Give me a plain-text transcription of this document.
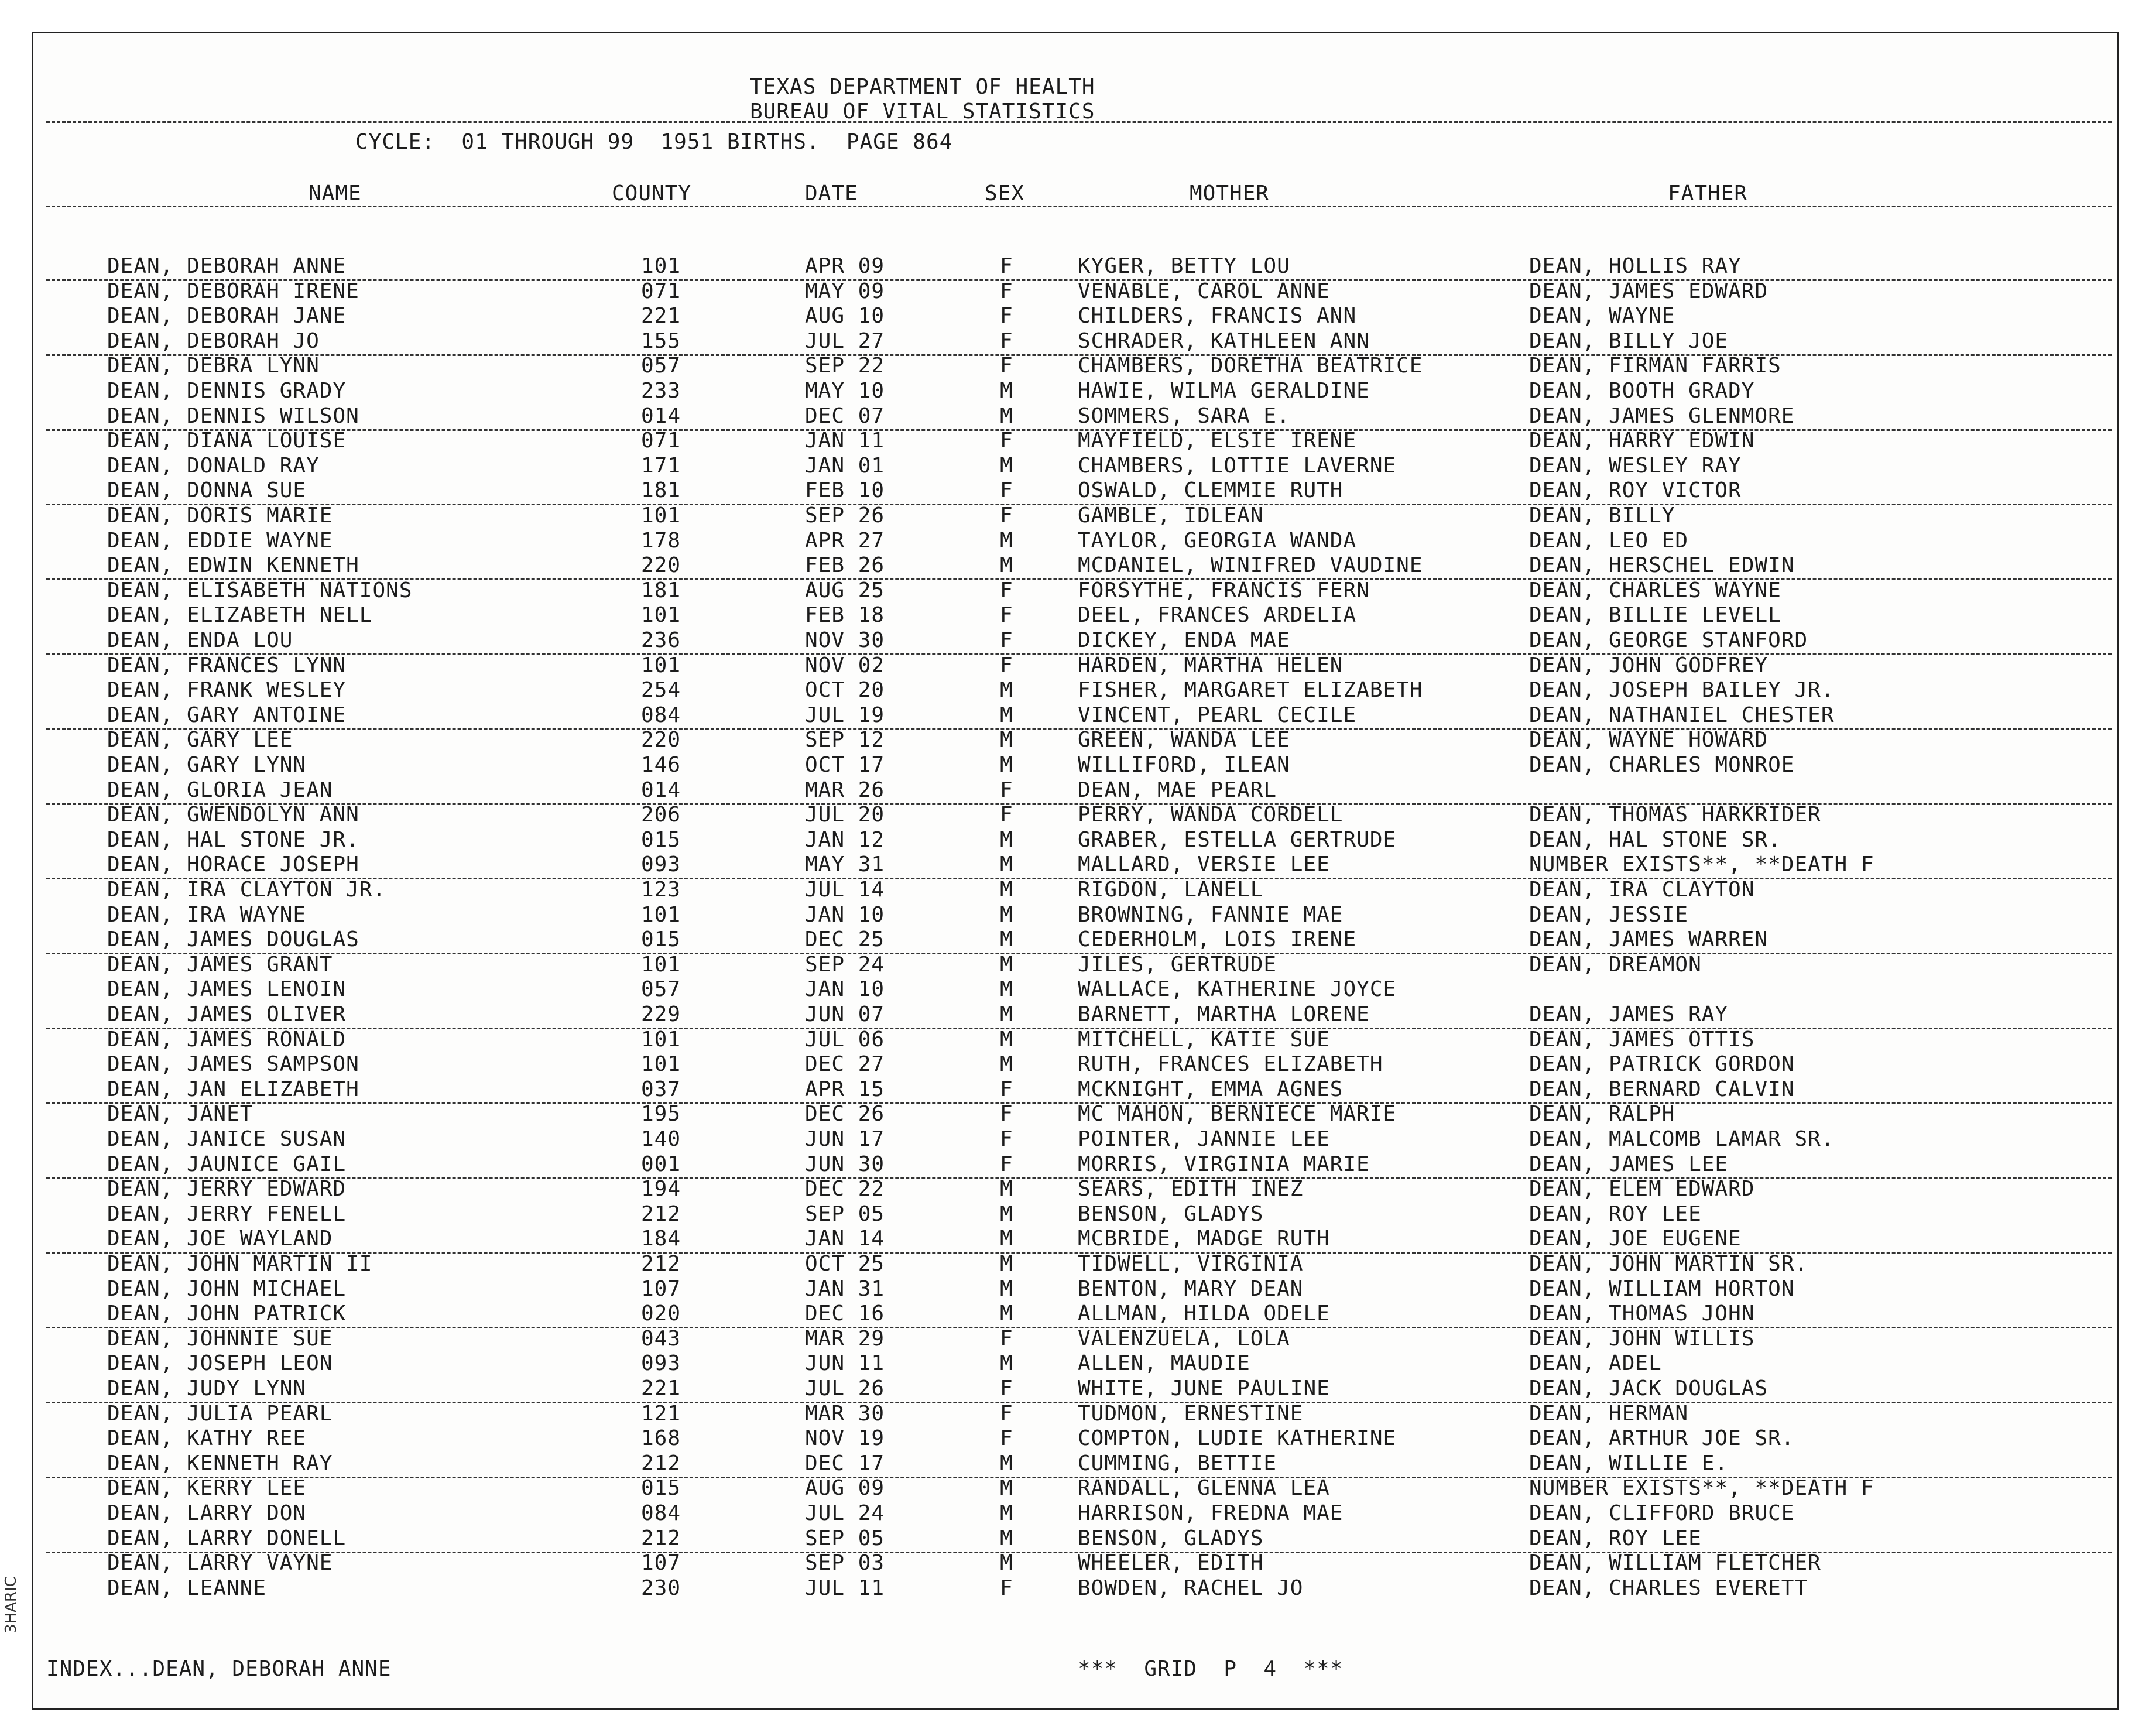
TEXAS DEPARTMENT OF HEALTH
BUREAU OF VITAL STATISTICS
CYCLE:  01 THROUGH 99  1951 BIRTHS.  PAGE 864
NAME	COUNTY	DATE	SEX	MOTHER	FATHER
DEAN, DEBORAH ANNE	101	APR 09	F	KYGER, BETTY LOU	DEAN, HOLLIS RAY
DEAN, DEBORAH IRENE	071	MAY 09	F	VENABLE, CAROL ANNE	DEAN, JAMES EDWARD
DEAN, DEBORAH JANE	221	AUG 10	F	CHILDERS, FRANCIS ANN	DEAN, WAYNE
DEAN, DEBORAH JO	155	JUL 27	F	SCHRADER, KATHLEEN ANN	DEAN, BILLY JOE
DEAN, DEBRA LYNN	057	SEP 22	F	CHAMBERS, DORETHA BEATRICE	DEAN, FIRMAN FARRIS
DEAN, DENNIS GRADY	233	MAY 10	M	HAWIE, WILMA GERALDINE	DEAN, BOOTH GRADY
DEAN, DENNIS WILSON	014	DEC 07	M	SOMMERS, SARA E.	DEAN, JAMES GLENMORE
DEAN, DIANA LOUISE	071	JAN 11	F	MAYFIELD, ELSIE IRENE	DEAN, HARRY EDWIN
DEAN, DONALD RAY	171	JAN 01	M	CHAMBERS, LOTTIE LAVERNE	DEAN, WESLEY RAY
DEAN, DONNA SUE	181	FEB 10	F	OSWALD, CLEMMIE RUTH	DEAN, ROY VICTOR
DEAN, DORIS MARIE	101	SEP 26	F	GAMBLE, IDLEAN	DEAN, BILLY
DEAN, EDDIE WAYNE	178	APR 27	M	TAYLOR, GEORGIA WANDA	DEAN, LEO ED
DEAN, EDWIN KENNETH	220	FEB 26	M	MCDANIEL, WINIFRED VAUDINE	DEAN, HERSCHEL EDWIN
DEAN, ELISABETH NATIONS	181	AUG 25	F	FORSYTHE, FRANCIS FERN	DEAN, CHARLES WAYNE
DEAN, ELIZABETH NELL	101	FEB 18	F	DEEL, FRANCES ARDELIA	DEAN, BILLIE LEVELL
DEAN, ENDA LOU	236	NOV 30	F	DICKEY, ENDA MAE	DEAN, GEORGE STANFORD
DEAN, FRANCES LYNN	101	NOV 02	F	HARDEN, MARTHA HELEN	DEAN, JOHN GODFREY
DEAN, FRANK WESLEY	254	OCT 20	M	FISHER, MARGARET ELIZABETH	DEAN, JOSEPH BAILEY JR.
DEAN, GARY ANTOINE	084	JUL 19	M	VINCENT, PEARL CECILE	DEAN, NATHANIEL CHESTER
DEAN, GARY LEE	220	SEP 12	M	GREEN, WANDA LEE	DEAN, WAYNE HOWARD
DEAN, GARY LYNN	146	OCT 17	M	WILLIFORD, ILEAN	DEAN, CHARLES MONROE
DEAN, GLORIA JEAN	014	MAR 26	F	DEAN, MAE PEARL
DEAN, GWENDOLYN ANN	206	JUL 20	F	PERRY, WANDA CORDELL	DEAN, THOMAS HARKRIDER
DEAN, HAL STONE JR.	015	JAN 12	M	GRABER, ESTELLA GERTRUDE	DEAN, HAL STONE SR.
DEAN, HORACE JOSEPH	093	MAY 31	M	MALLARD, VERSIE LEE	NUMBER EXISTS**, **DEATH F
DEAN, IRA CLAYTON JR.	123	JUL 14	M	RIGDON, LANELL	DEAN, IRA CLAYTON
DEAN, IRA WAYNE	101	JAN 10	M	BROWNING, FANNIE MAE	DEAN, JESSIE
DEAN, JAMES DOUGLAS	015	DEC 25	M	CEDERHOLM, LOIS IRENE	DEAN, JAMES WARREN
DEAN, JAMES GRANT	101	SEP 24	M	JILES, GERTRUDE	DEAN, DREAMON
DEAN, JAMES LENOIN	057	JAN 10	M	WALLACE, KATHERINE JOYCE
DEAN, JAMES OLIVER	229	JUN 07	M	BARNETT, MARTHA LORENE	DEAN, JAMES RAY
DEAN, JAMES RONALD	101	JUL 06	M	MITCHELL, KATIE SUE	DEAN, JAMES OTTIS
DEAN, JAMES SAMPSON	101	DEC 27	M	RUTH, FRANCES ELIZABETH	DEAN, PATRICK GORDON
DEAN, JAN ELIZABETH	037	APR 15	F	MCKNIGHT, EMMA AGNES	DEAN, BERNARD CALVIN
DEAN, JANET	195	DEC 26	F	MC MAHON, BERNIECE MARIE	DEAN, RALPH
DEAN, JANICE SUSAN	140	JUN 17	F	POINTER, JANNIE LEE	DEAN, MALCOMB LAMAR SR.
DEAN, JAUNICE GAIL	001	JUN 30	F	MORRIS, VIRGINIA MARIE	DEAN, JAMES LEE
DEAN, JERRY EDWARD	194	DEC 22	M	SEARS, EDITH INEZ	DEAN, ELEM EDWARD
DEAN, JERRY FENELL	212	SEP 05	M	BENSON, GLADYS	DEAN, ROY LEE
DEAN, JOE WAYLAND	184	JAN 14	M	MCBRIDE, MADGE RUTH	DEAN, JOE EUGENE
DEAN, JOHN MARTIN II	212	OCT 25	M	TIDWELL, VIRGINIA	DEAN, JOHN MARTIN SR.
DEAN, JOHN MICHAEL	107	JAN 31	M	BENTON, MARY DEAN	DEAN, WILLIAM HORTON
DEAN, JOHN PATRICK	020	DEC 16	M	ALLMAN, HILDA ODELE	DEAN, THOMAS JOHN
DEAN, JOHNNIE SUE	043	MAR 29	F	VALENZUELA, LOLA	DEAN, JOHN WILLIS
DEAN, JOSEPH LEON	093	JUN 11	M	ALLEN, MAUDIE	DEAN, ADEL
DEAN, JUDY LYNN	221	JUL 26	F	WHITE, JUNE PAULINE	DEAN, JACK DOUGLAS
DEAN, JULIA PEARL	121	MAR 30	F	TUDMON, ERNESTINE	DEAN, HERMAN
DEAN, KATHY REE	168	NOV 19	F	COMPTON, LUDIE KATHERINE	DEAN, ARTHUR JOE SR.
DEAN, KENNETH RAY	212	DEC 17	M	CUMMING, BETTIE	DEAN, WILLIE E.
DEAN, KERRY LEE	015	AUG 09	M	RANDALL, GLENNA LEA	NUMBER EXISTS**, **DEATH F
DEAN, LARRY DON	084	JUL 24	M	HARRISON, FREDNA MAE	DEAN, CLIFFORD BRUCE
DEAN, LARRY DONELL	212	SEP 05	M	BENSON, GLADYS	DEAN, ROY LEE
DEAN, LARRY VAYNE	107	SEP 03	M	WHEELER, EDITH	DEAN, WILLIAM FLETCHER
DEAN, LEANNE	230	JUL 11	F	BOWDEN, RACHEL JO	DEAN, CHARLES EVERETT
INDEX...DEAN, DEBORAH ANNE	***  GRID  P  4  ***
3HARIC
